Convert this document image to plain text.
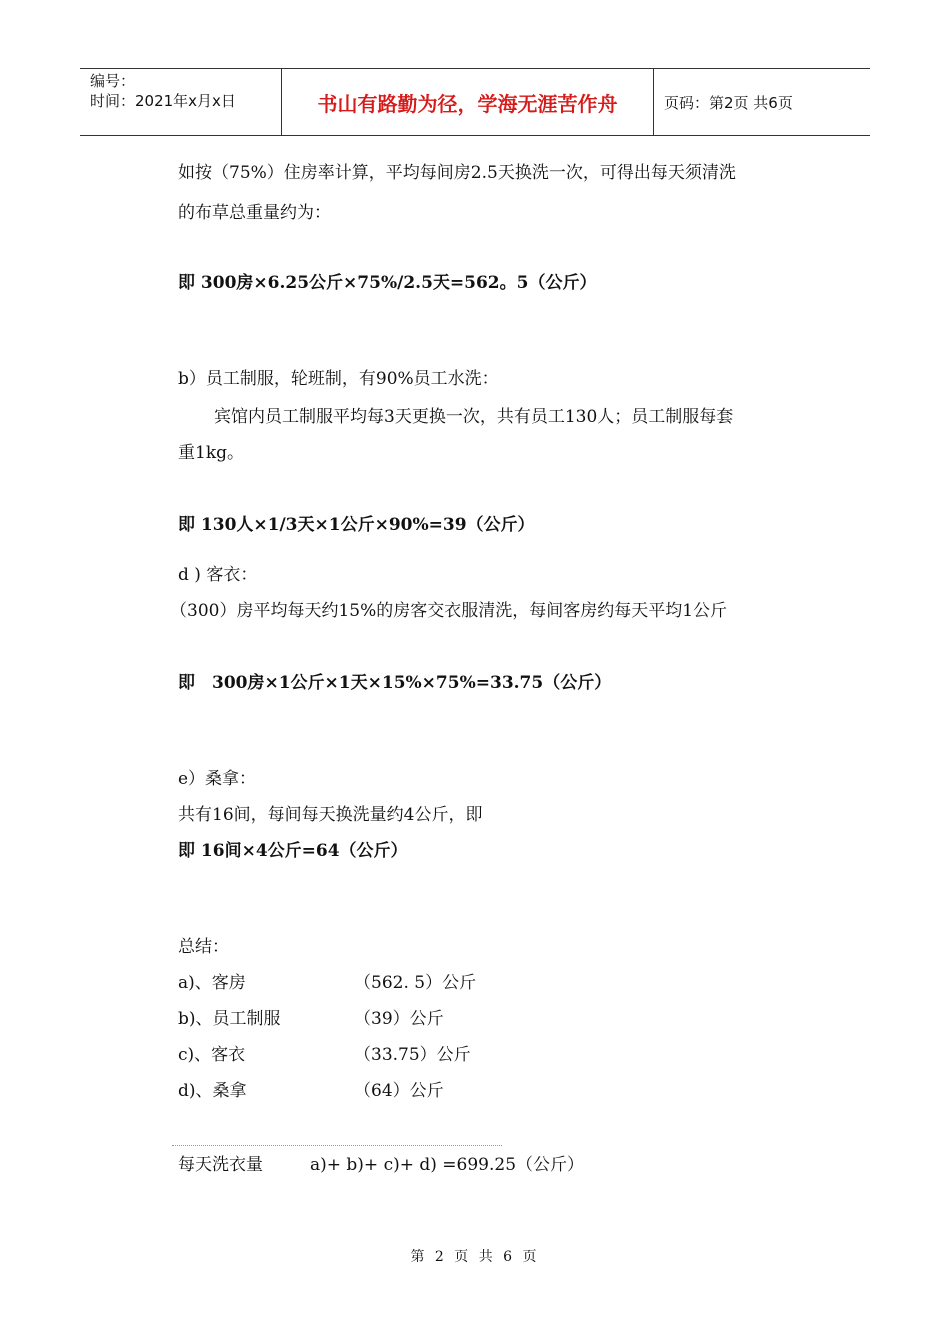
编号：
时间：2021年x月x日	书山有路勤为径，学海无涯苦作舟	页码：第2页 共6页
如按（75%）住房率计算，平均每间房2.5天换洗一次，可得出每天须清洗
的布草总重量约为：
即 300房×6.25公斤×75%/2.5天=562。5（公斤）
b）员工制服，轮班制，有90%员工水洗：
宾馆内员工制服平均每3天更换一次，共有员工130人；员工制服每套
重1kg。
即 130人×1/3天×1公斤×90%=39（公斤）
d ) 客衣：
（300）房平均每天约15%的房客交衣服清洗，每间客房约每天平均1公斤
即　300房×1公斤×1天×15%×75%=33.75（公斤）
e）桑拿：
共有16间，每间每天换洗量约4公斤，即
即 16间×4公斤=64（公斤）
总结：
a)、客房	（562. 5）公斤
b)、员工制服	（39）公斤
c)、客衣	（33.75）公斤
d)、桑拿	（64）公斤
每天洗衣量	a)+ b)+ c)+ d) =699.25（公斤）
第 2 页 共 6 页
